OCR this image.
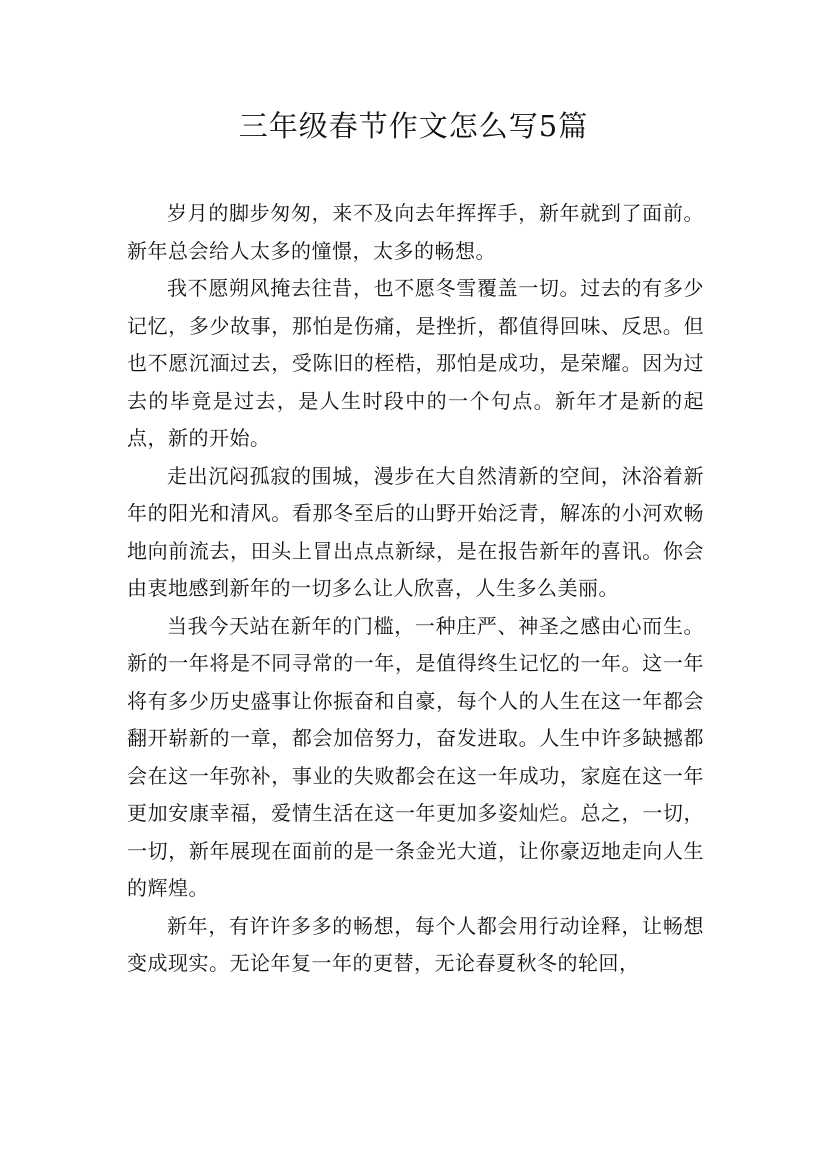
三年级春节作文怎么写5篇

岁月的脚步匆匆，来不及向去年挥挥手，新年就到了面前。新年总会给人太多的憧憬，太多的畅想。

我不愿朔风掩去往昔，也不愿冬雪覆盖一切。过去的有多少记忆，多少故事，那怕是伤痛，是挫折，都值得回味、反思。但也不愿沉湎过去，受陈旧的桎梏，那怕是成功，是荣耀。因为过去的毕竟是过去，是人生时段中的一个句点。新年才是新的起点，新的开始。

走出沉闷孤寂的围城，漫步在大自然清新的空间，沐浴着新年的阳光和清风。看那冬至后的山野开始泛青，解冻的小河欢畅地向前流去，田头上冒出点点新绿，是在报告新年的喜讯。你会由衷地感到新年的一切多么让人欣喜，人生多么美丽。

当我今天站在新年的门槛，一种庄严、神圣之感由心而生。新的一年将是不同寻常的一年，是值得终生记忆的一年。这一年将有多少历史盛事让你振奋和自豪，每个人的人生在这一年都会翻开崭新的一章，都会加倍努力，奋发进取。人生中许多缺撼都会在这一年弥补，事业的失败都会在这一年成功，家庭在这一年更加安康幸福，爱情生活在这一年更加多姿灿烂。总之，一切，一切，新年展现在面前的是一条金光大道，让你豪迈地走向人生的辉煌。

新年，有许许多多的畅想，每个人都会用行动诠释，让畅想变成现实。无论年复一年的更替，无论春夏秋冬的轮回，
